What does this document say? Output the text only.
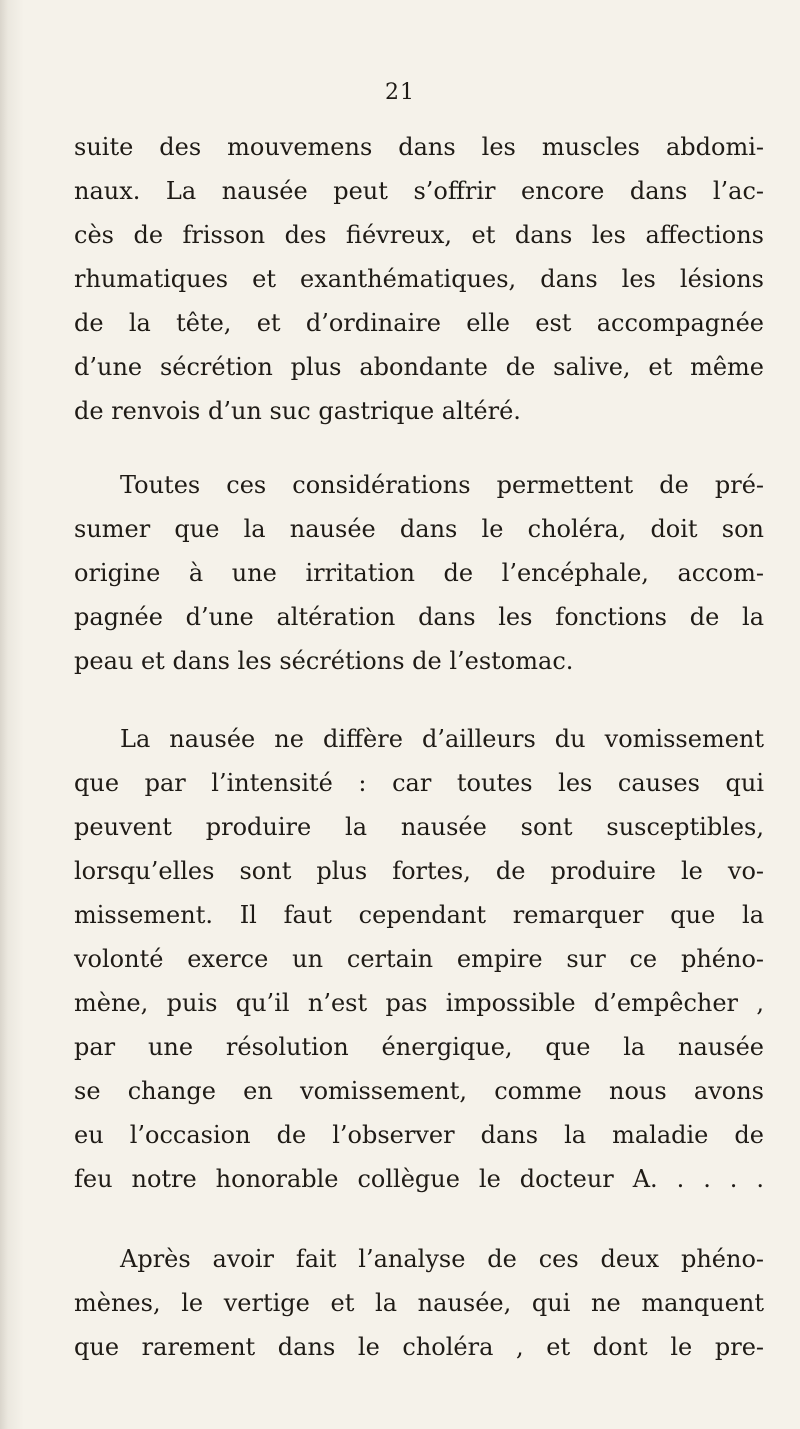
21
suite des mouvemens dans les muscles abdomi-
naux. La nausée peut s’offrir encore dans l’ac-
cès de frisson des fiévreux, et dans les affections
rhumatiques et exanthématiques, dans les lésions
de la tête, et d’ordinaire elle est accompagnée
d’une sécrétion plus abondante de salive, et même
de renvois d’un suc gastrique altéré.
Toutes ces considérations permettent de pré-
sumer que la nausée dans le choléra, doit son
origine à une irritation de l’encéphale, accom-
pagnée d’une altération dans les fonctions de la
peau et dans les sécrétions de l’estomac.
La nausée ne diffère d’ailleurs du vomissement
que par l’intensité : car toutes les causes qui
peuvent produire la nausée sont susceptibles,
lorsqu’elles sont plus fortes, de produire le vo-
missement. Il faut cependant remarquer que la
volonté exerce un certain empire sur ce phéno-
mène, puis qu’il n’est pas impossible d’empêcher ,
par une résolution énergique, que la nausée
se change en vomissement, comme nous avons
eu l’occasion de l’observer dans la maladie de
feu notre honorable collègue le docteur A. . . . .
Après avoir fait l’analyse de ces deux phéno-
mènes, le vertige et la nausée, qui ne manquent
que rarement dans le choléra , et dont le pre-
